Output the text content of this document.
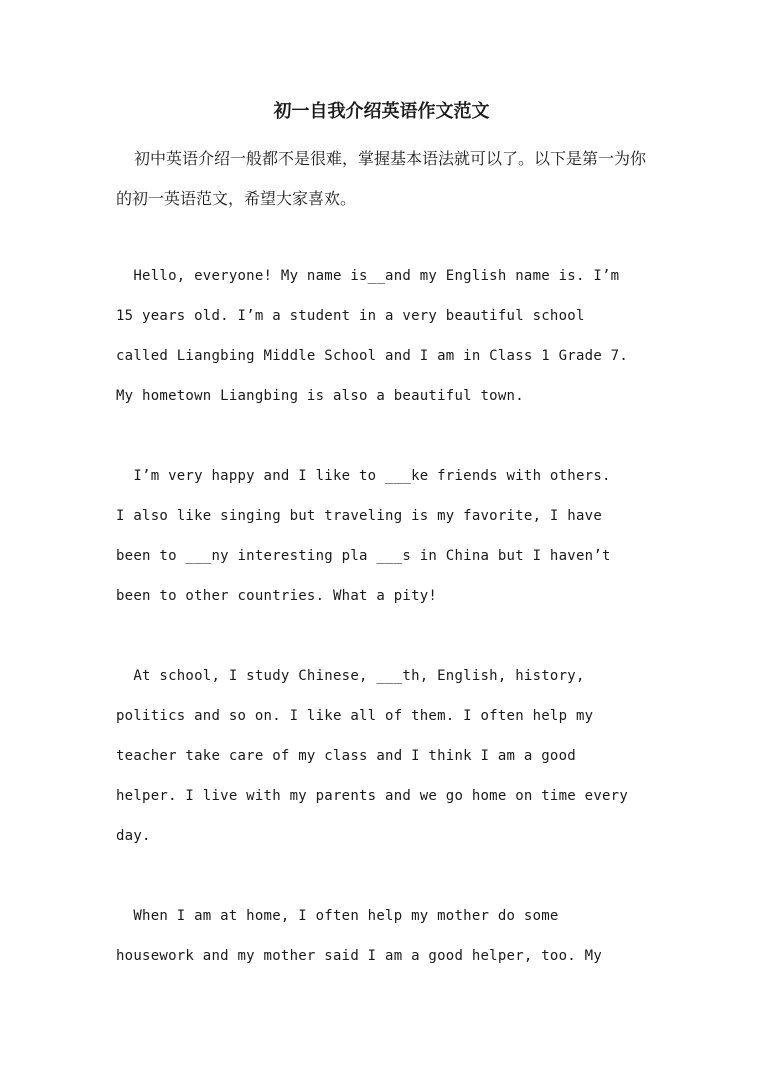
初一自我介绍英语作文范文

初中英语介绍一般都不是很难，掌握基本语法就可以了。以下是第一为你的初一英语范文，希望大家喜欢。

Hello, everyone! My name is__and my English name is. I’m

15 years old. I’m a student in a very beautiful school

called Liangbing Middle School and I am in Class 1 Grade 7.

My hometown Liangbing is also a beautiful town.

I’m very happy and I like to ___ke friends with others.

I also like singing but traveling is my favorite, I have

been to ___ny interesting pla ___s in China but I haven’t

been to other countries. What a pity!

At school, I study Chinese, ___th, English, history,

politics and so on. I like all of them. I often help my

teacher take care of my class and I think I am a good

helper. I live with my parents and we go home on time every

day.

When I am at home, I often help my mother do some

housework and my mother said I am a good helper, too. My
